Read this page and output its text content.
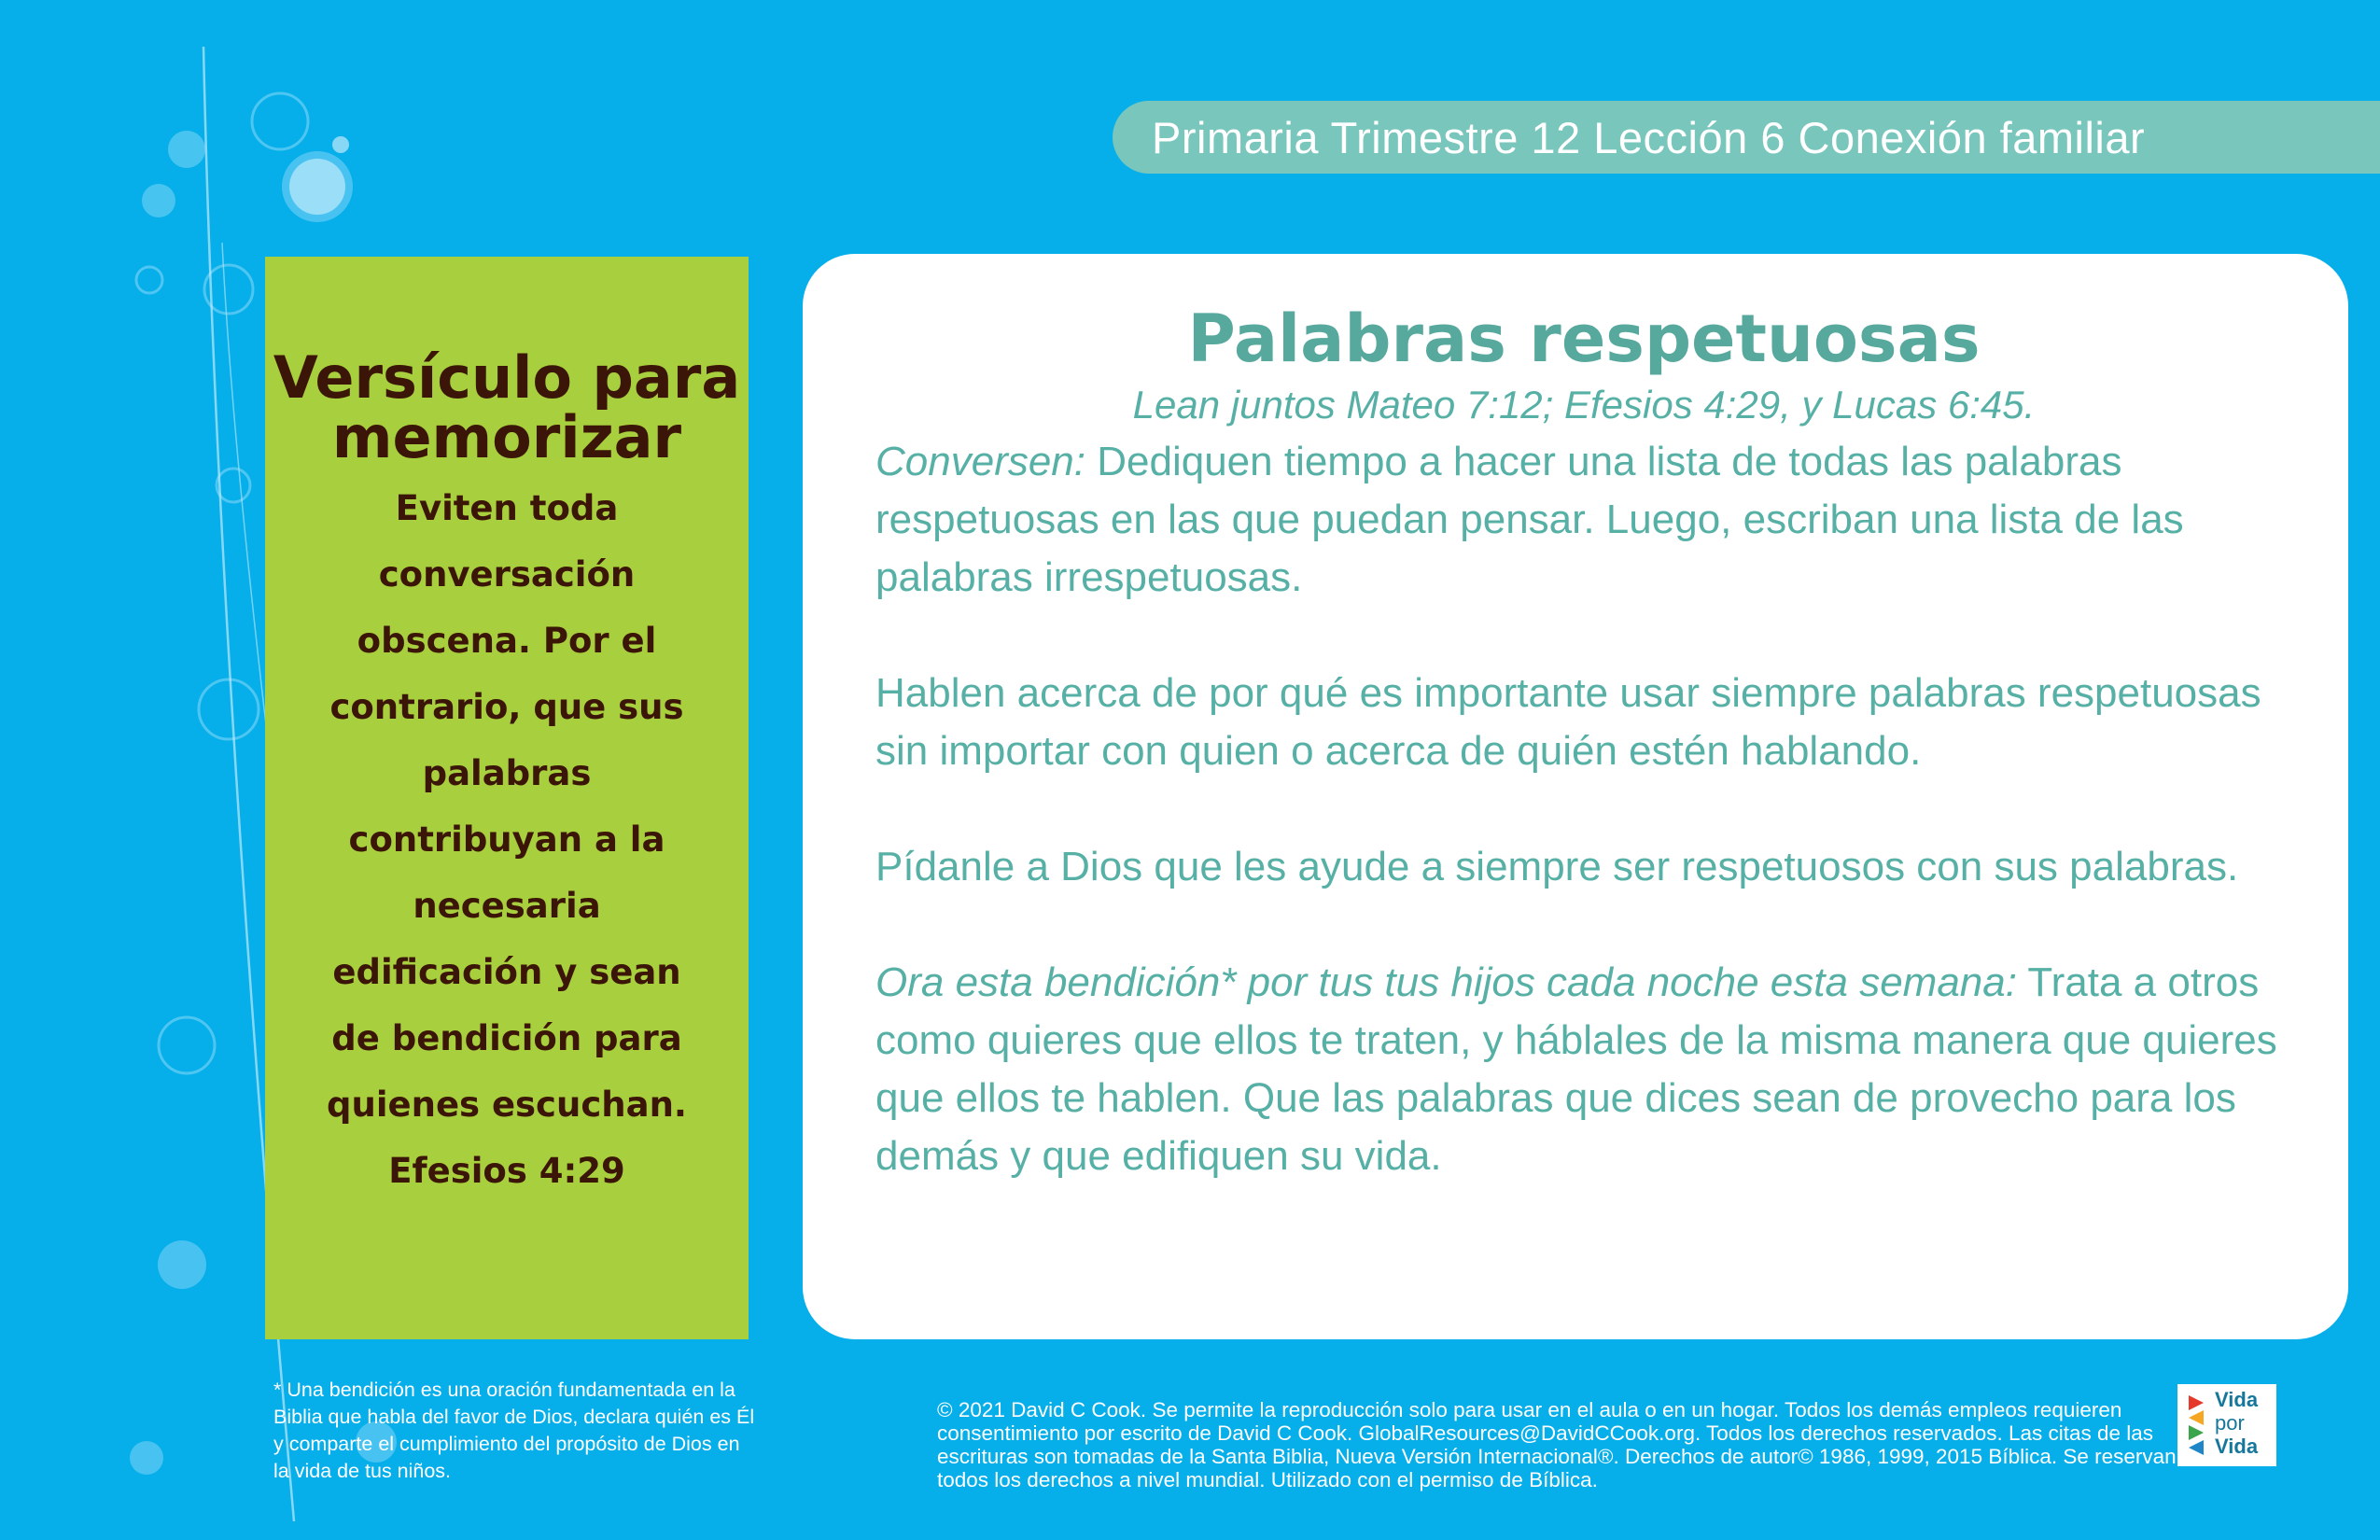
Primaria Trimestre 12 Lección 6 Conexión familiar
Versículo para memorizar
Eviten toda conversación obscena. Por el contrario, que sus palabras contribuyan a la necesaria edificación y sean de bendición para quienes escuchan.
Efesios 4:29
Palabras respetuosas
Lean juntos Mateo 7:12; Efesios 4:29, y Lucas 6:45.

Conversen: Dediquen tiempo a hacer una lista de todas las palabras respetuosas en las que puedan pensar. Luego, escriban una lista de las palabras irrespetuosas.

Hablen acerca de por qué es importante usar siempre palabras respetuosas sin importar con quien o acerca de quién estén hablando.

Pídanle a Dios que les ayude a siempre ser respetuosos con sus palabras.

Ora esta bendición* por tus tus hijos cada noche esta semana: Trata a otros como quieres que ellos te traten, y háblales de la misma manera que quieres que ellos te hablen. Que las palabras que dices sean de provecho para los demás y que edifiquen su vida.

* Una bendición es una oración fundamentada en la Biblia que habla del favor de Dios, declara quién es Él y comparte el cumplimiento del propósito de Dios en la vida de tus niños.
© 2021 David C Cook. Se permite la reproducción solo para usar en el aula o en un hogar. Todos los demás empleos requieren consentimiento por escrito de David C Cook. GlobalResources@DavidCCook.org. Todos los derechos reservados. Las citas de las escrituras son tomadas de la Santa Biblia, Nueva Versión Internacional®. Derechos de autor© 1986, 1999, 2015 Bíblica. Se reservan todos los derechos a nivel mundial. Utilizado con el permiso de Bíblica.
Vida
por
Vida
